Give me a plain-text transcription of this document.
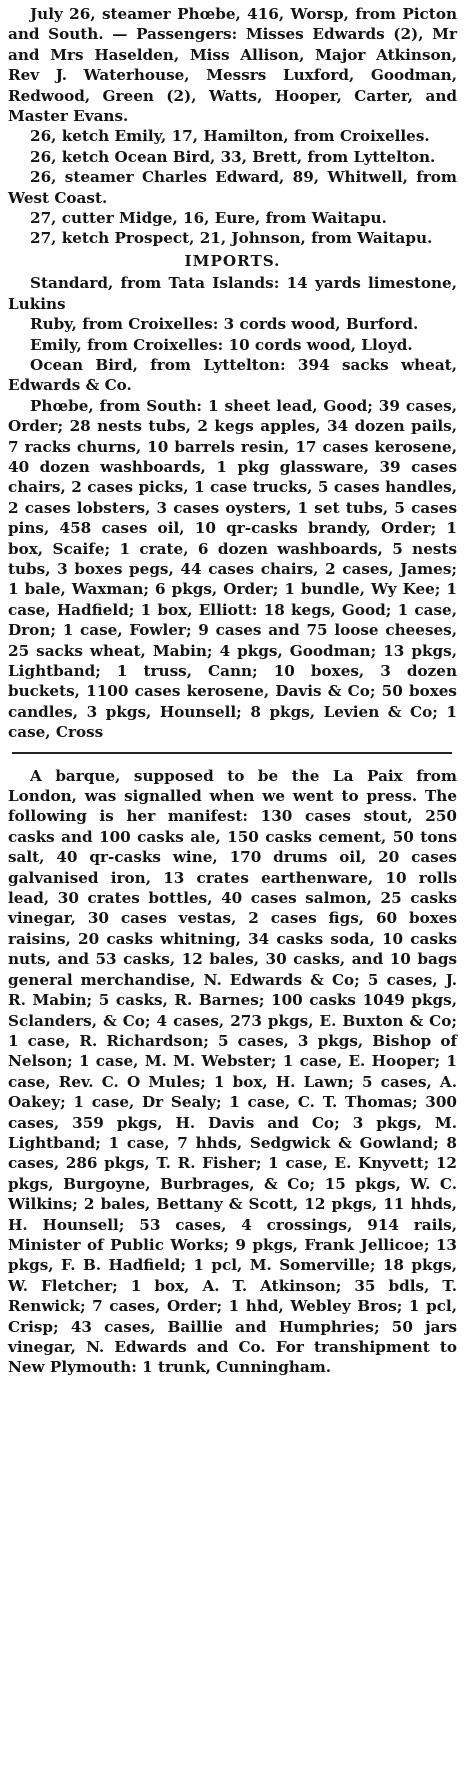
July 26, steamer Phœbe, 416, Worsp, from Picton and South. — Passengers: Misses Edwards (2), Mr and Mrs Haselden, Miss Allison, Major Atkinson, Rev J. Waterhouse, Messrs Luxford, Goodman, Redwood, Green (2), Watts, Hooper, Carter, and Master Evans.

26, ketch Emily, 17, Hamilton, from Croixelles.

26, ketch Ocean Bird, 33, Brett, from Lyttelton.

26, steamer Charles Edward, 89, Whitwell, from West Coast.

27, cutter Midge, 16, Eure, from Waitapu.

27, ketch Prospect, 21, Johnson, from Waitapu.

IMPORTS.

Standard, from Tata Islands: 14 yards limestone, Lukins

Ruby, from Croixelles: 3 cords wood, Burford.

Emily, from Croixelles: 10 cords wood, Lloyd.

Ocean Bird, from Lyttelton: 394 sacks wheat, Edwards & Co.

Phœbe, from South: 1 sheet lead, Good; 39 cases, Order; 28 nests tubs, 2 kegs apples, 34 dozen pails, 7 racks churns, 10 barrels resin, 17 cases kerosene, 40 dozen washboards, 1 pkg glassware, 39 cases chairs, 2 cases picks, 1 case trucks, 5 cases handles, 2 cases lobsters, 3 cases oysters, 1 set tubs, 5 cases pins, 458 cases oil, 10 qr-casks brandy, Order; 1 box, Scaife; 1 crate, 6 dozen washboards, 5 nests tubs, 3 boxes pegs, 44 cases chairs, 2 cases, James; 1 bale, Waxman; 6 pkgs, Order; 1 bundle, Wy Kee; 1 case, Hadfield; 1 box, Elliott: 18 kegs, Good; 1 case, Dron; 1 case, Fowler; 9 cases and 75 loose cheeses, 25 sacks wheat, Mabin; 4 pkgs, Goodman; 13 pkgs, Lightband; 1 truss, Cann; 10 boxes, 3 dozen buckets, 1100 cases kerosene, Davis & Co; 50 boxes candles, 3 pkgs, Hounsell; 8 pkgs, Levien & Co; 1 case, Cross

A barque, supposed to be the La Paix from London, was signalled when we went to press. The following is her manifest: 130 cases stout, 250 casks and 100 casks ale, 150 casks cement, 50 tons salt, 40 qr-casks wine, 170 drums oil, 20 cases galvanised iron, 13 crates earthenware, 10 rolls lead, 30 crates bottles, 40 cases salmon, 25 casks vinegar, 30 cases vestas, 2 cases figs, 60 boxes raisins, 20 casks whitning, 34 casks soda, 10 casks nuts, and 53 casks, 12 bales, 30 casks, and 10 bags general merchandise, N. Edwards & Co; 5 cases, J. R. Mabin; 5 casks, R. Barnes; 100 casks 1049 pkgs, Sclanders, & Co; 4 cases, 273 pkgs, E. Buxton & Co; 1 case, R. Richardson; 5 cases, 3 pkgs, Bishop of Nelson; 1 case, M. M. Webster; 1 case, E. Hooper; 1 case, Rev. C. O Mules; 1 box, H. Lawn; 5 cases, A. Oakey; 1 case, Dr Sealy; 1 case, C. T. Thomas; 300 cases, 359 pkgs, H. Davis and Co; 3 pkgs, M. Lightband; 1 case, 7 hhds, Sedgwick & Gowland; 8 cases, 286 pkgs, T. R. Fisher; 1 case, E. Knyvett; 12 pkgs, Burgoyne, Burbrages, & Co; 15 pkgs, W. C. Wilkins; 2 bales, Bettany & Scott, 12 pkgs, 11 hhds, H. Hounsell; 53 cases, 4 crossings, 914 rails, Minister of Public Works; 9 pkgs, Frank Jellicoe; 13 pkgs, F. B. Hadfield; 1 pcl, M. Somerville; 18 pkgs, W. Fletcher; 1 box, A. T. Atkinson; 35 bdls, T. Renwick; 7 cases, Order; 1 hhd, Webley Bros; 1 pcl, Crisp; 43 cases, Baillie and Humphries; 50 jars vinegar, N. Edwards and Co. For transhipment to New Plymouth: 1 trunk, Cunningham.
